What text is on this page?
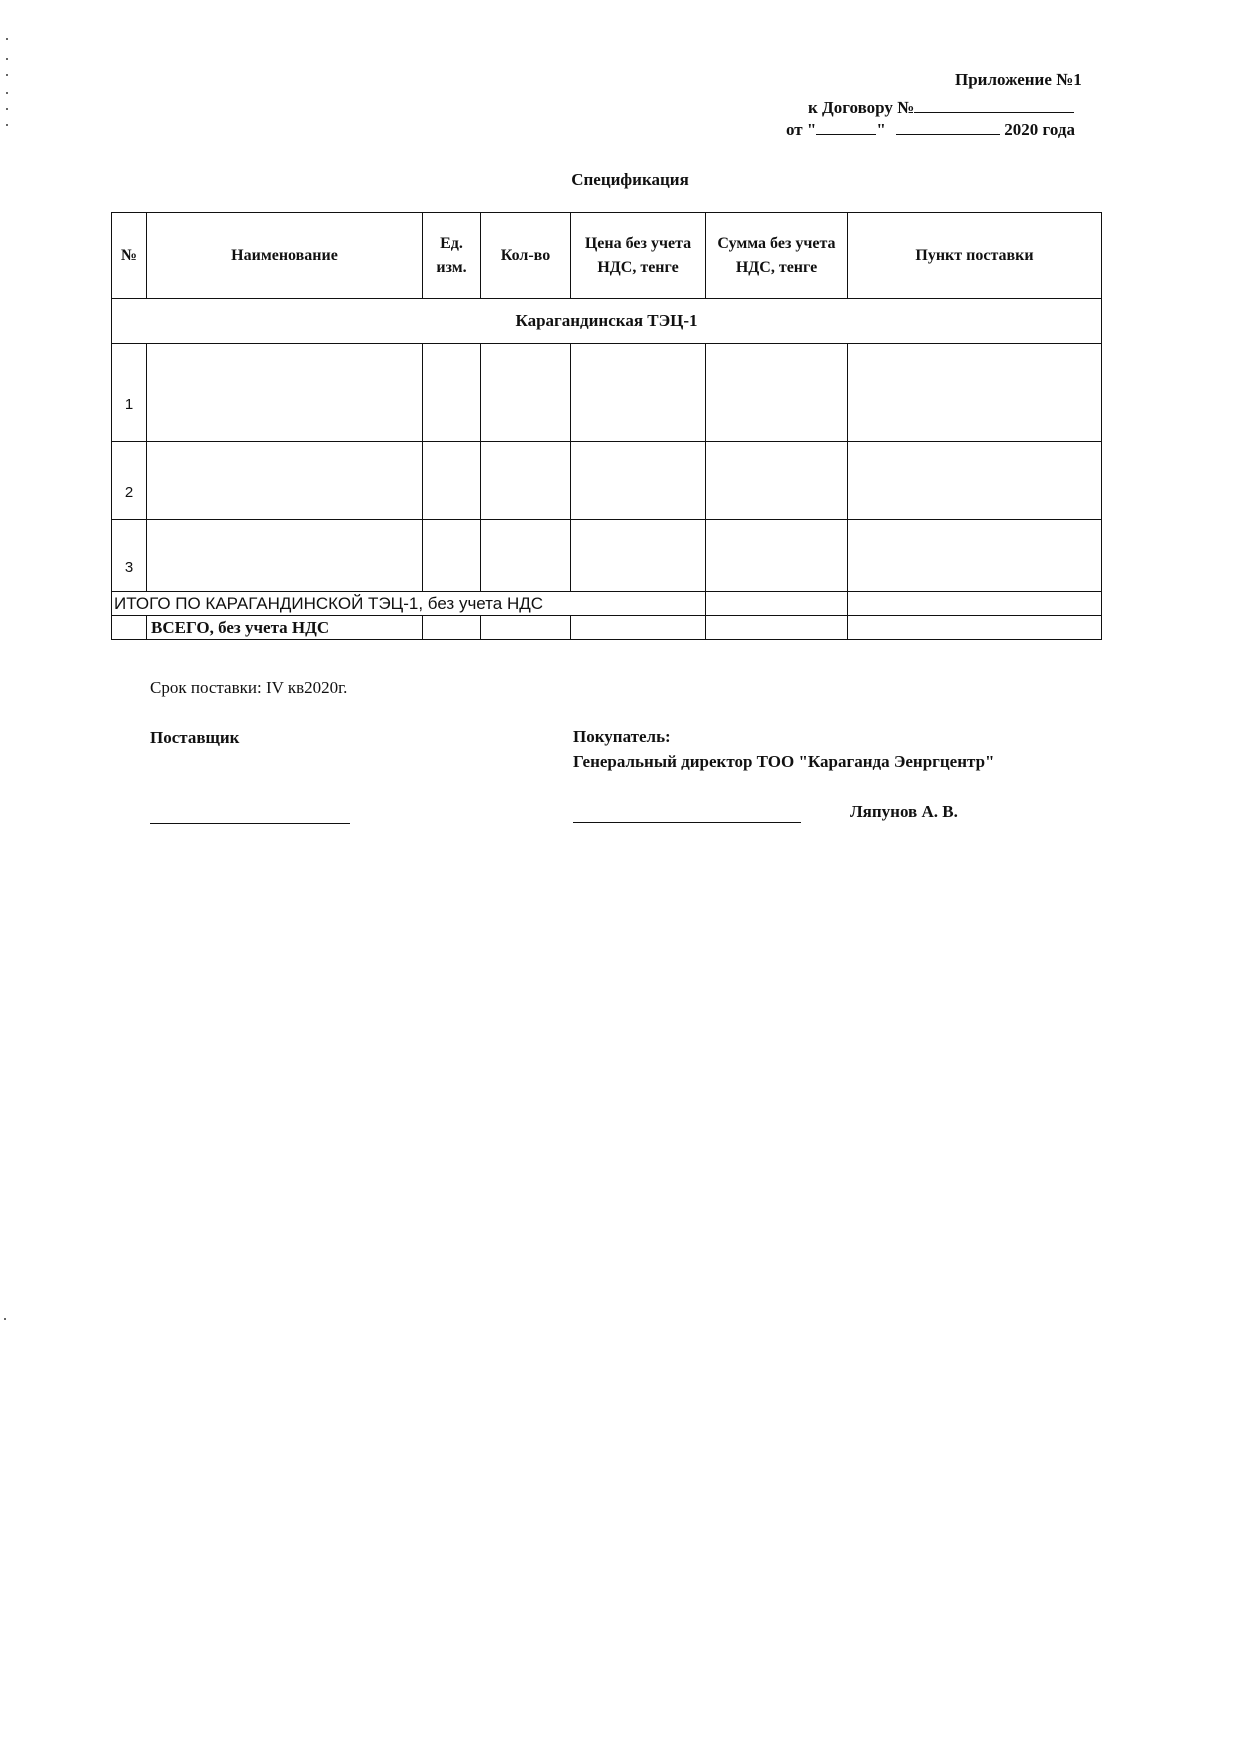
Приложение №1
к Договору №
от "	"	2020 года
Спецификация
№	Наименование	Ед. изм.	Кол-во	Цена без учета НДС, тенге	Сумма без учета НДС, тенге	Пункт поставки
Карагандинская ТЭЦ-1						
1						
2						
3						
ИТОГО ПО КАРАГАНДИНСКОЙ ТЭЦ-1, без учета НДС						
	ВСЕГО, без учета НДС					
Срок поставки: IV кв2020г.
Поставщик	Покупатель:
Генеральный директор ТОО "Караганда Эенргцентр"
Ляпунов А. В.
